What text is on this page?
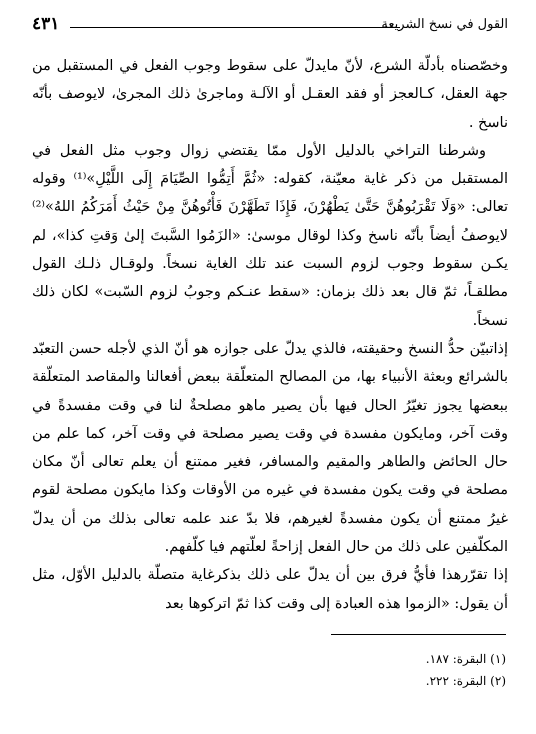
القول في نسخ الشريعة
٤٣١

وخصّصناه بأدلّة الشرع، لأنّ مايدلّ على سقوط وجوب الفعل في المستقبل من جهة العقل، كـالعجز أو فقد العقـل أو الآلـة وماجرىٰ ذلك المجرىٰ، لايوصف بأنّه ناسخ .

وشرطنا التراخي بالدليل الأول ممّا يقتضي زوال وجوب مثل الفعل في المستقبل من ذكر غاية معيّنة، كقوله: «ثُمَّ أَتِمُّوا الصِّيَامَ إِلَى اللَّيْلِ»⁽¹⁾ وقوله تعالى: «وَلَا تَقْرَبُوهُنَّ حَتَّىٰ يَطْهُرْنَ، فَإِذَا تَطَهَّرْنَ فَأْتُوهُنَّ مِنْ حَيْثُ أَمَرَكُمُ اللهُ»⁽²⁾ لايوصفُ أيضاً بأنّه ناسخ وكذا لوقال موسىٰ: «الزَمُوا السَّبتَ إلىٰ وَقتِ كذا»، لم يكـن سقوط وجوب لزوم السبت عند تلك الغاية نسخاً. ولوقـال ذلـك القول مطلقـاً، ثمّ قال بعد ذلك بزمان: «سقط عنـكم وجوبُ لزوم السّبت» لكان ذلك نسخاً.

إذاتبيّن حدُّ النسخ وحقيقته، فالذي يدلّ على جوازه هو أنّ الذي لأجله حسن التعبّد بالشرائع وبعثة الأنبياء بها، من المصالح المتعلّقة ببعض أفعالنا والمقاصد المتعلّقة ببعضها يجوز تغيّرُ الحال فيها بأن يصير ماهو مصلحةٌ لنا في وقت مفسدةً في وقت آخر، ومايكون مفسدة في وقت يصير مصلحة في وقت آخر، كما علم من حال الحائض والطاهر والمقيم والمسافر، فغير ممتنع أن يعلم تعالى أنّ مكان مصلحة في وقت يكون مفسدة في غيره من الأوقات وكذا مايكون مصلحة لقوم غيرُ ممتنع أن يكون مفسدةً لغيرهم، فلا بدّ عند علمه تعالى بذلك من أن يدلّ المكلّفين على ذلك من حال الفعل إزاحةً لعلّتهم فيا كلّفهم.

إذا تقرّرهذا فأيُّ فرق بين أن يدلّ على ذلك بذكرغاية متصلّة بالدليل الأوّل، مثل أن يقول: «الزموا هذه العبادة إلى وقت كذا ثمّ اتركوها بعد

(١) البقرة: ١٨٧.

(٢) البقرة: ٢٢٢.
